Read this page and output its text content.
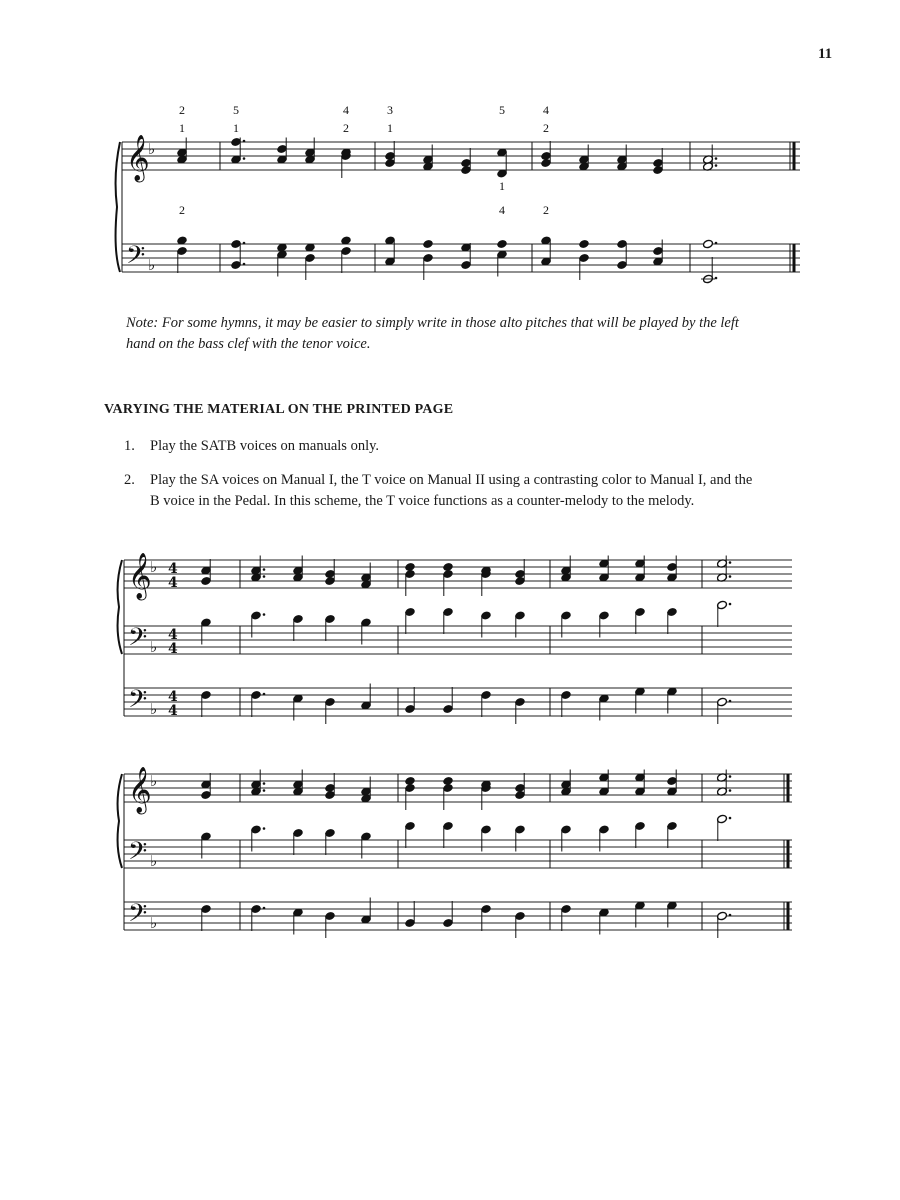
11
𝄞
♭
𝄢 ♭
2
1
5
1
4
2
3
1
5	4
2
2	4	2
1
Note: For some hymns, it may be easier to simply write in those alto pitches that will be played by the left hand on the bass clef with the tenor voice.
VARYING THE MATERIAL ON THE PRINTED PAGE
1. Play the SATB voices on manuals only.
2. Play the SA voices on Manual I, the T voice on Manual II using a contrasting color to Manual I, and the B voice in the Pedal. In this scheme, the T voice functions as a counter-melody to the melody.
𝄞
♭
𝄢 ♭
𝄢 ♭
4
4
4
4
4
4
𝄞
♭
𝄢 ♭
𝄢 ♭
